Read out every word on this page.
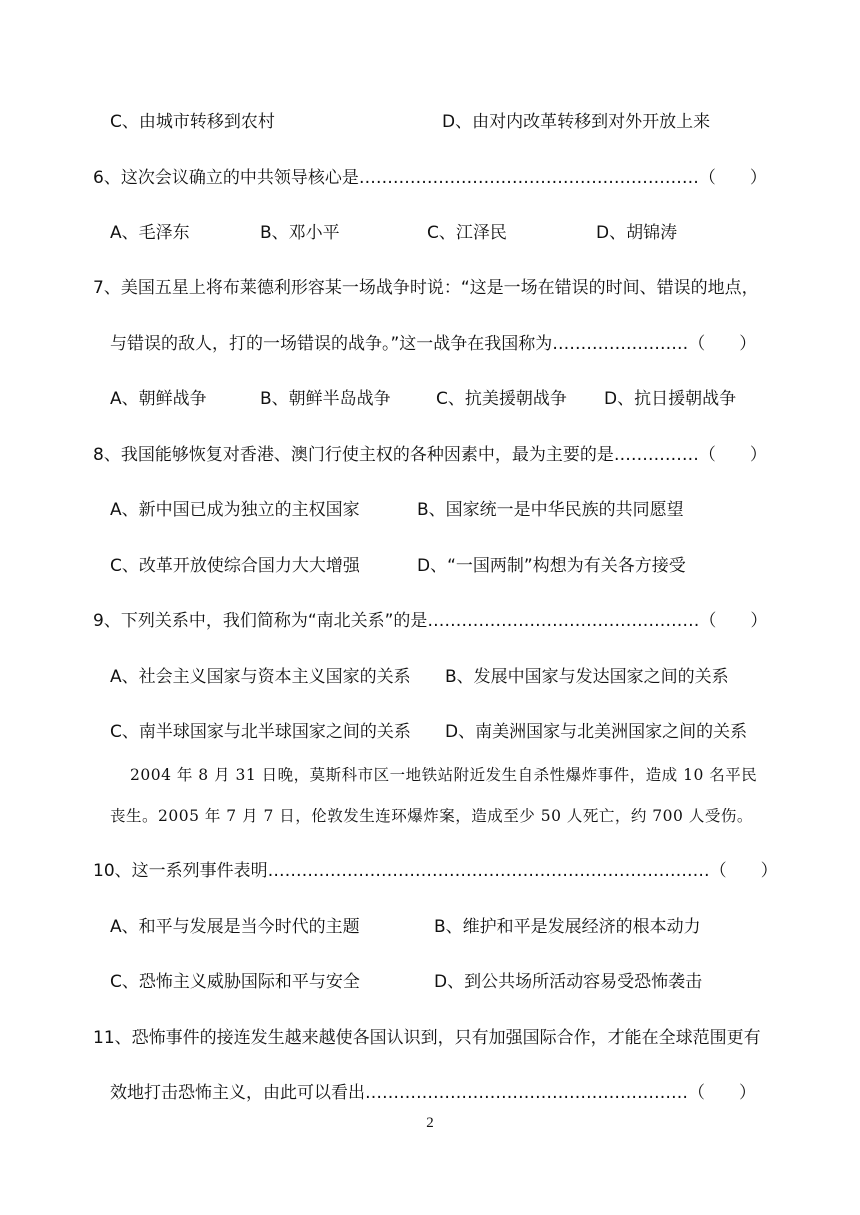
C、由城市转移到农村	D、由对内改革转移到对外开放上来
6、这次会议确立的中共领导核心是……………………………………………………（　　）
A、毛泽东	B、邓小平	C、江泽民	D、胡锦涛
7、美国五星上将布莱德利形容某一场战争时说：“这是一场在错误的时间、错误的地点，
与错误的敌人，打的一场错误的战争。”这一战争在我国称为……………………（　　）
A、朝鲜战争	B、朝鲜半岛战争	C、抗美援朝战争 D、抗日援朝战争
8、我国能够恢复对香港、澳门行使主权的各种因素中，最为主要的是……………（　　）
A、新中国已成为独立的主权国家	B、国家统一是中华民族的共同愿望
C、改革开放使综合国力大大增强	D、“一国两制”构想为有关各方接受
9、下列关系中，我们简称为“南北关系”的是…………………………………………（　　）
A、社会主义国家与资本主义国家的关系 B、发展中国家与发达国家之间的关系
C、南半球国家与北半球国家之间的关系 D、南美洲国家与北美洲国家之间的关系
2004 年 8 月 31 日晚，莫斯科市区一地铁站附近发生自杀性爆炸事件，造成 10 名平民
丧生。2005 年 7 月 7 日，伦敦发生连环爆炸案，造成至少 50 人死亡，约 700 人受伤。
10、这一系列事件表明……………………………………………………………………（　　）
A、和平与发展是当今时代的主题	B、维护和平是发展经济的根本动力
C、恐怖主义威胁国际和平与安全	D、到公共场所活动容易受恐怖袭击
11、恐怖事件的接连发生越来越使各国认识到，只有加强国际合作，才能在全球范围更有
效地打击恐怖主义，由此可以看出…………………………………………………（　　）
2
